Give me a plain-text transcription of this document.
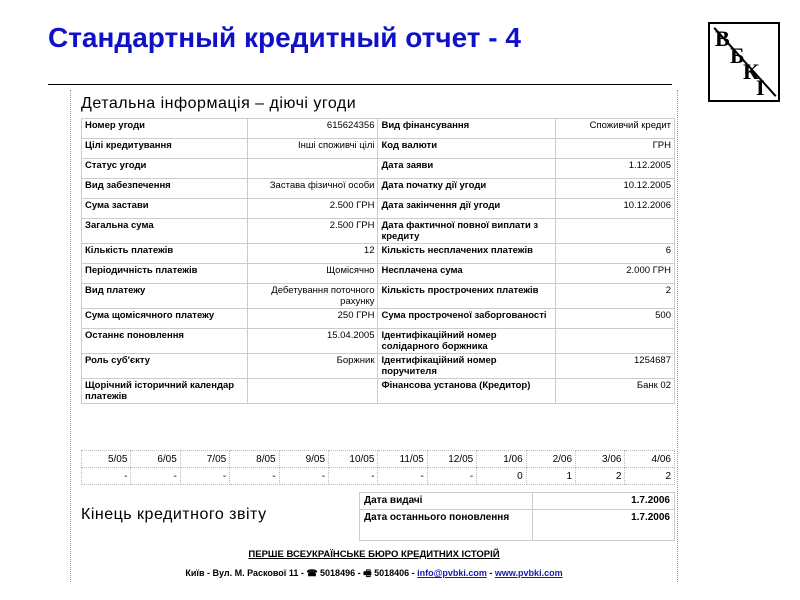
Стандартный кредитный отчет - 4	В
Б
К
І
Детальна інформація – діючі угоди
Номер угоди	615624356	Вид фінансування	Споживчий кредит
Цілі кредитування	Інші споживчі цілі	Код валюти	ГРН
Статус угоди		Дата заяви	1.12.2005
Вид забезпечення	Застава фізичної особи	Дата початку дії угоди	10.12.2005
Сума застави	2.500 ГРН	Дата закінчення дії угоди	10.12.2006
Загальна сума	2.500 ГРН	Дата фактичної повної виплати з кредиту	
Кількість платежів	12	Кількість несплачених платежів	6
Періодичність платежів	Щомісячно	Несплачена сума	2.000 ГРН
Вид платежу	Дебетування поточного рахунку	Кількість прострочених платежів	2
Сума щомісячного платежу	250 ГРН	Сума простроченої заборгованості	500
Останнє поновлення	15.04.2005	Ідентифікаційний номер солідарного боржника	
Роль суб'єкту	Боржник	Ідентифікаційний номер поручителя	1254687
Щорічний історичний календар платежів		Фінансова установа (Кредитор)	Банк 02
5/05	6/05	7/05	8/05	9/05	10/05	11/05	12/05	1/06	2/06	3/06	4/06
-	-	-	-	-	-	-	-	0	1	2	2
Кінець кредитного звіту
Дата видачі	1.7.2006
Дата останнього поновлення	1.7.2006
ПЕРШЕ ВСЕУКРАЇНСЬКЕ БЮРО КРЕДИТНИХ ІСТОРІЙ
Київ - Вул. М. Раскової 11 - ☎ 5018496 - 🖷 5018406 - info@pvbki.com - www.pvbki.com
